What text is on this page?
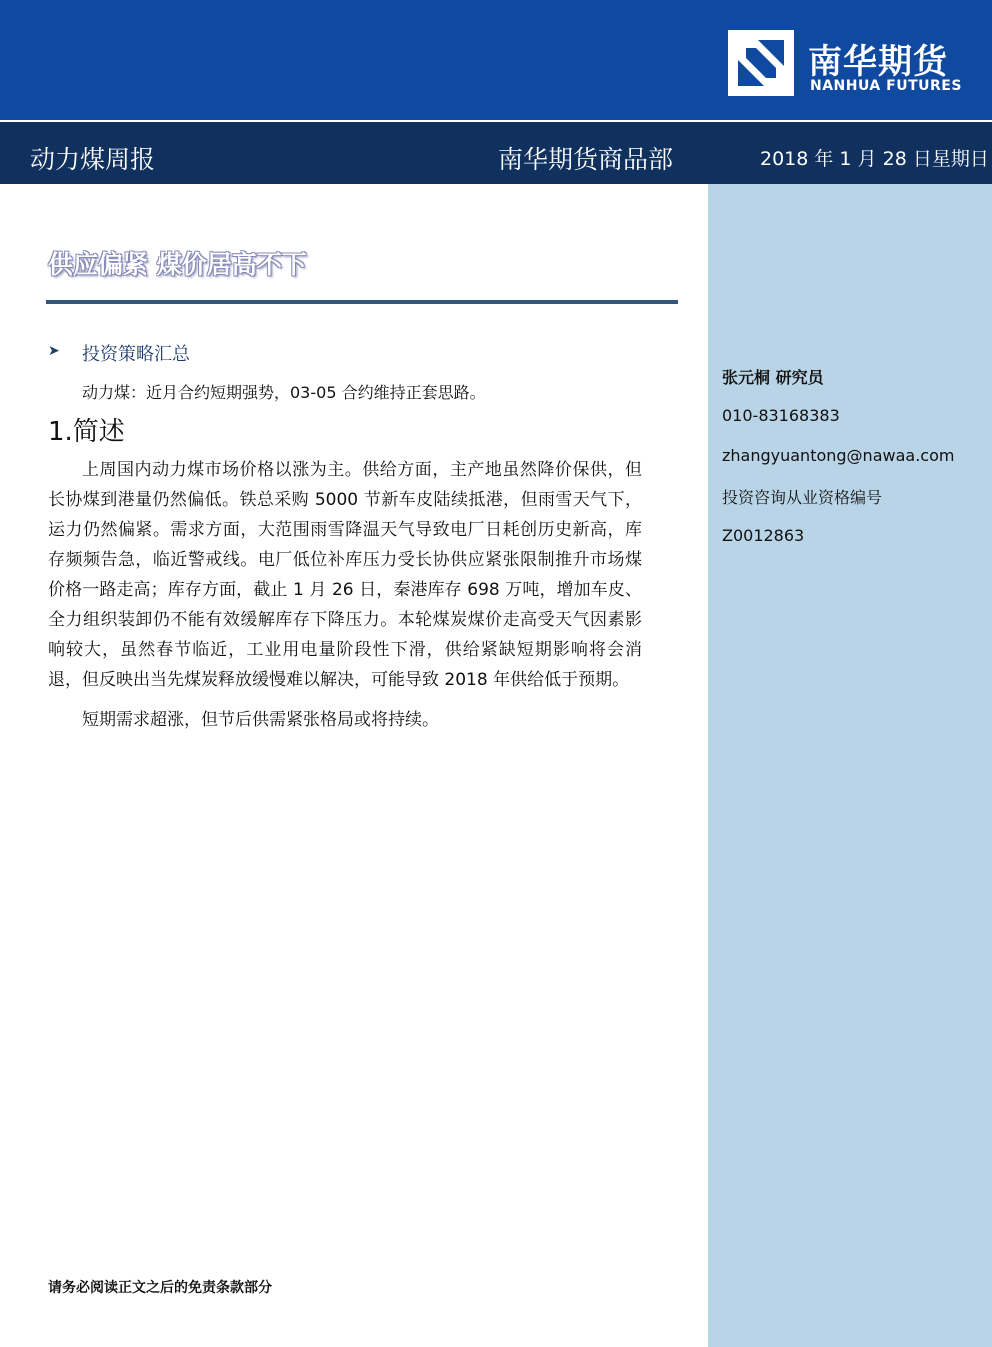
南华期货
NANHUA FUTURES
动力煤周报	南华期货商品部	2018 年 1 月 28 日星期日
张元桐 研究员
010-83168383
zhangyuantong@nawaa.com
投资咨询从业资格编号
Z0012863
供应偏紧 煤价居高不下
➤ 投资策略汇总
动力煤：近月合约短期强势，03-05 合约维持正套思路。
1.简述
上周国内动力煤市场价格以涨为主。供给方面，主产地虽然降价保供，但长协煤到港量仍然偏低。铁总采购 5000 节新车皮陆续抵港，但雨雪天气下，运力仍然偏紧。需求方面，大范围雨雪降温天气导致电厂日耗创历史新高，库存频频告急，临近警戒线。电厂低位补库压力受长协供应紧张限制推升市场煤价格一路走高；库存方面，截止 1 月 26 日，秦港库存 698 万吨，增加车皮、全力组织装卸仍不能有效缓解库存下降压力。本轮煤炭煤价走高受天气因素影响较大，虽然春节临近，工业用电量阶段性下滑，供给紧缺短期影响将会消退，但反映出当先煤炭释放缓慢难以解决，可能导致 2018 年供给低于预期。
短期需求超涨，但节后供需紧张格局或将持续。
请务必阅读正文之后的免责条款部分
